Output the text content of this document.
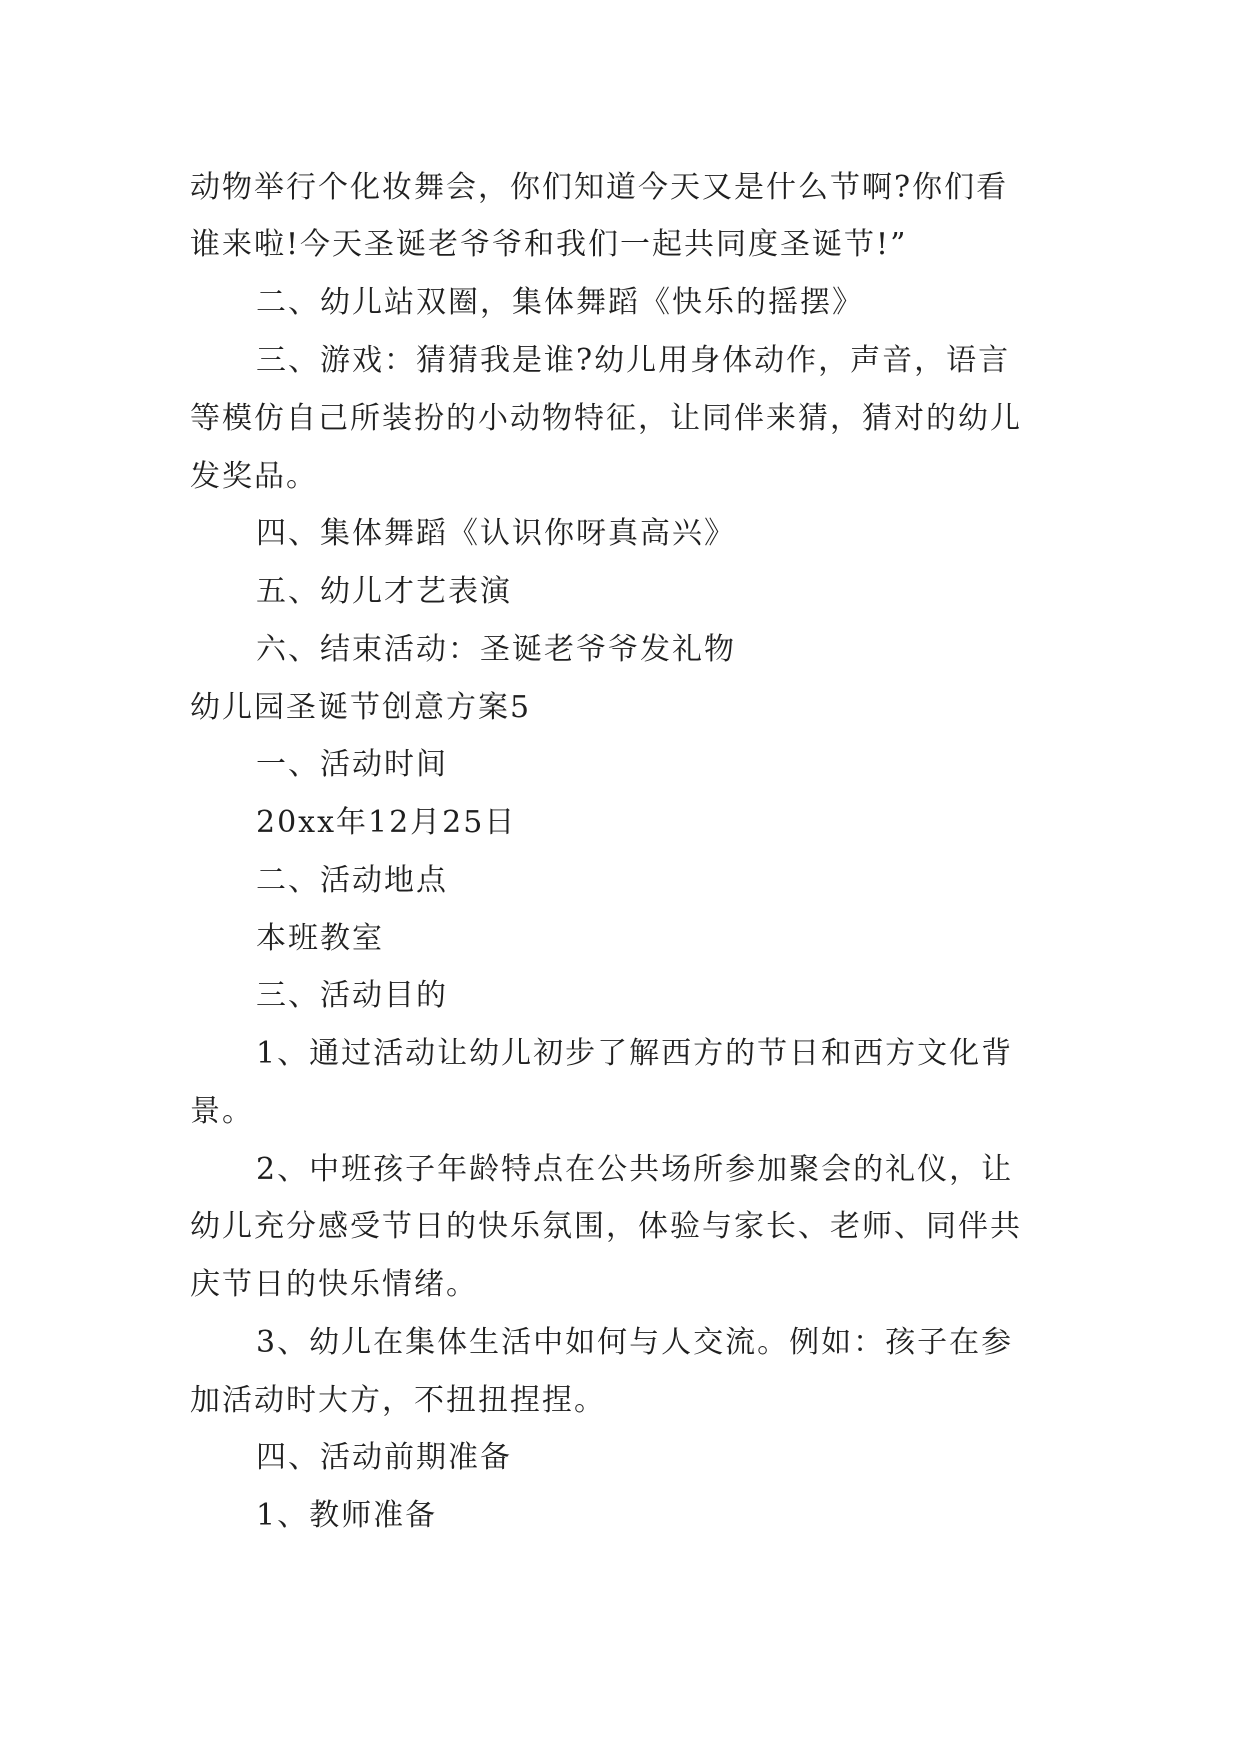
动物举行个化妆舞会，你们知道今天又是什么节啊?你们看
谁来啦!今天圣诞老爷爷和我们一起共同度圣诞节!”
二、幼儿站双圈，集体舞蹈《快乐的摇摆》
三、游戏：猜猜我是谁?幼儿用身体动作，声音，语言
等模仿自己所装扮的小动物特征，让同伴来猜，猜对的幼儿
发奖品。
四、集体舞蹈《认识你呀真高兴》
五、幼儿才艺表演
六、结束活动：圣诞老爷爷发礼物
幼儿园圣诞节创意方案5
一、活动时间
20xx年12月25日
二、活动地点
本班教室
三、活动目的
1、通过活动让幼儿初步了解西方的节日和西方文化背
景。
2、中班孩子年龄特点在公共场所参加聚会的礼仪，让
幼儿充分感受节日的快乐氛围，体验与家长、老师、同伴共
庆节日的快乐情绪。
3、幼儿在集体生活中如何与人交流。例如：孩子在参
加活动时大方，不扭扭捏捏。
四、活动前期准备
1、教师准备
